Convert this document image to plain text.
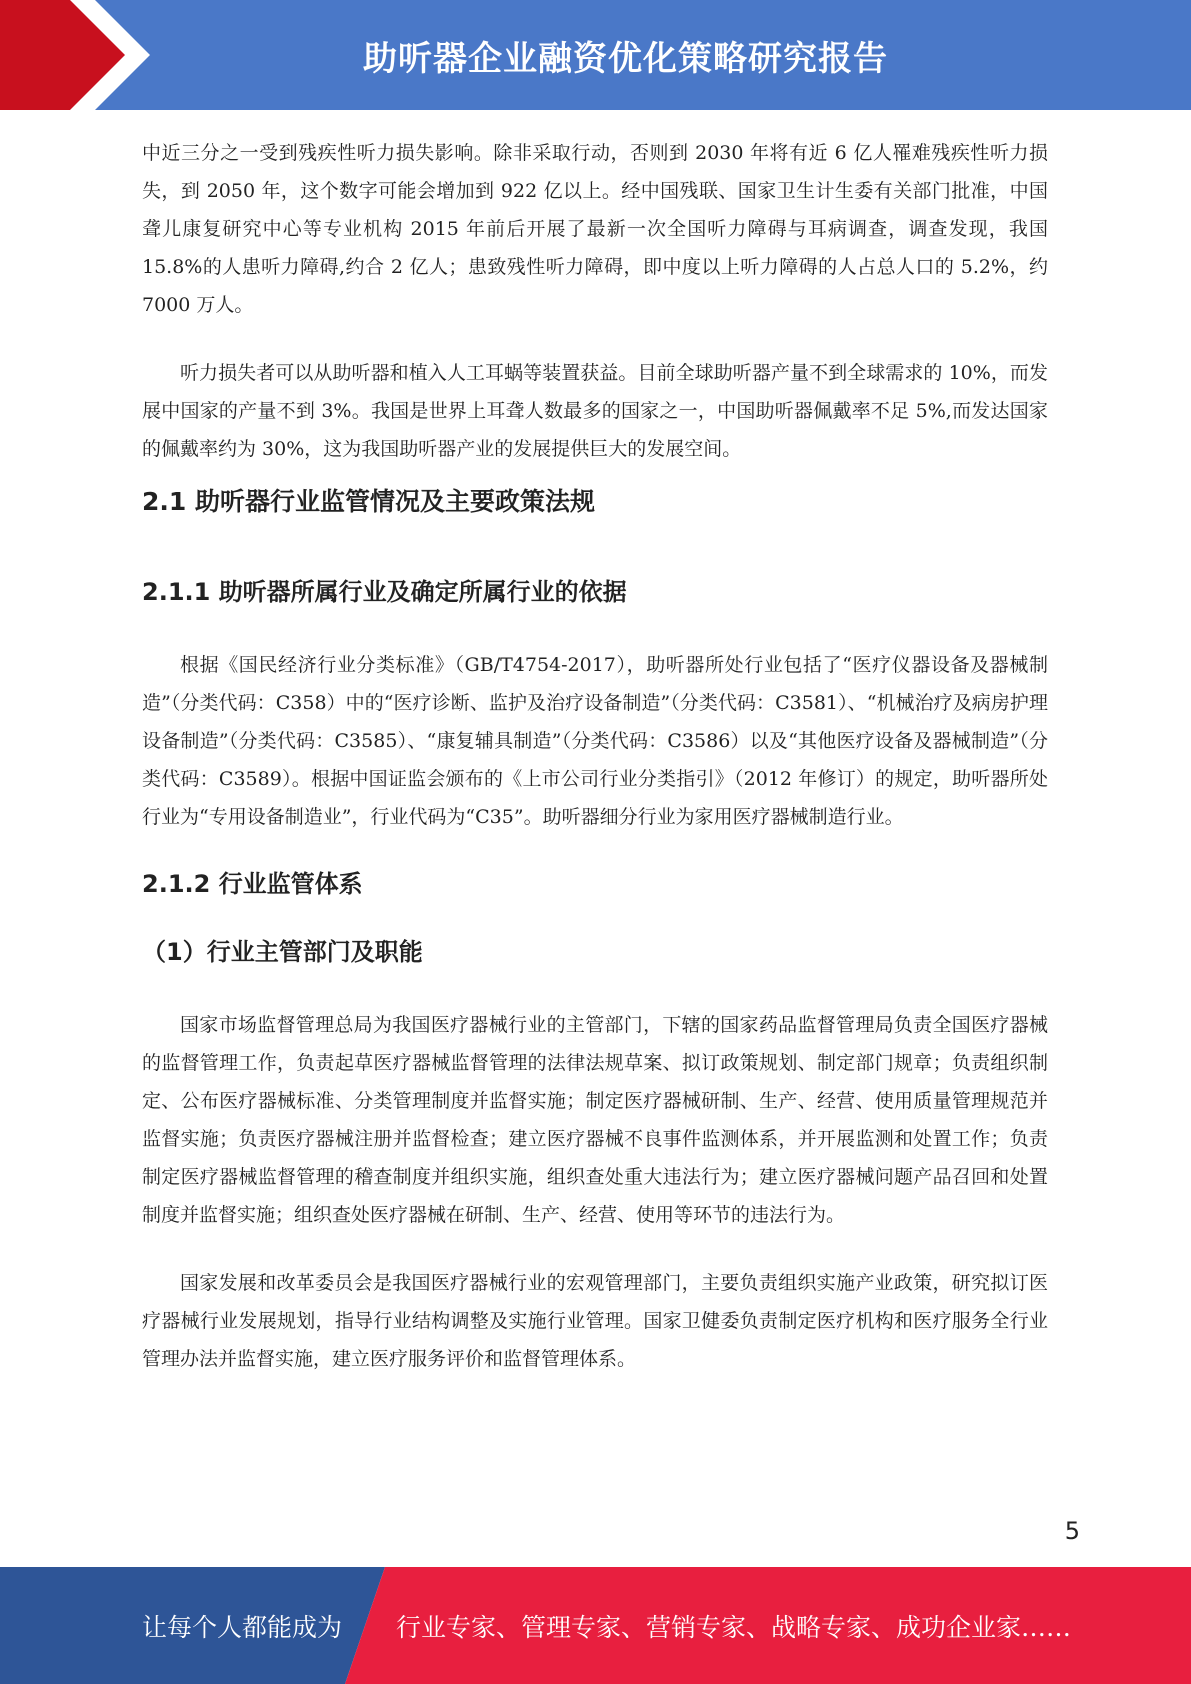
助听器企业融资优化策略研究报告

中近三分之一受到残疾性听力损失影响。除非采取行动，否则到 2030 年将有近 6 亿人罹难残疾性听力损失，到 2050 年，这个数字可能会增加到 922 亿以上。经中国残联、国家卫生计生委有关部门批准，中国聋儿康复研究中心等专业机构 2015 年前后开展了最新一次全国听力障碍与耳病调查，调查发现，我国 15.8%的人患听力障碍,约合 2 亿人；患致残性听力障碍，即中度以上听力障碍的人占总人口的 5.2%，约 7000 万人。

听力损失者可以从助听器和植入人工耳蜗等装置获益。目前全球助听器产量不到全球需求的 10%，而发展中国家的产量不到 3%。我国是世界上耳聋人数最多的国家之一，中国助听器佩戴率不足 5%,而发达国家的佩戴率约为 30%，这为我国助听器产业的发展提供巨大的发展空间。

2.1 助听器行业监管情况及主要政策法规
2.1.1 助听器所属行业及确定所属行业的依据

根据《国民经济行业分类标准》（GB/T4754-2017），助听器所处行业包括了“医疗仪器设备及器械制造”（分类代码：C358）中的“医疗诊断、监护及治疗设备制造”（分类代码：C3581）、“机械治疗及病房护理设备制造”（分类代码：C3585）、“康复辅具制造”（分类代码：C3586）以及“其他医疗设备及器械制造”（分类代码：C3589）。根据中国证监会颁布的《上市公司行业分类指引》（2012 年修订）的规定，助听器所处行业为“专用设备制造业”，行业代码为“C35”。助听器细分行业为家用医疗器械制造行业。

2.1.2 行业监管体系
（1）行业主管部门及职能

国家市场监督管理总局为我国医疗器械行业的主管部门，下辖的国家药品监督管理局负责全国医疗器械的监督管理工作，负责起草医疗器械监督管理的法律法规草案、拟订政策规划、制定部门规章；负责组织制定、公布医疗器械标准、分类管理制度并监督实施；制定医疗器械研制、生产、经营、使用质量管理规范并监督实施；负责医疗器械注册并监督检查；建立医疗器械不良事件监测体系，并开展监测和处置工作；负责制定医疗器械监督管理的稽查制度并组织实施，组织查处重大违法行为；建立医疗器械问题产品召回和处置制度并监督实施；组织查处医疗器械在研制、生产、经营、使用等环节的违法行为。

国家发展和改革委员会是我国医疗器械行业的宏观管理部门，主要负责组织实施产业政策，研究拟订医疗器械行业发展规划，指导行业结构调整及实施行业管理。国家卫健委负责制定医疗机构和医疗服务全行业管理办法并监督实施，建立医疗服务评价和监督管理体系。

5
让每个人都能成为 行业专家、管理专家、营销专家、战略专家、成功企业家……
